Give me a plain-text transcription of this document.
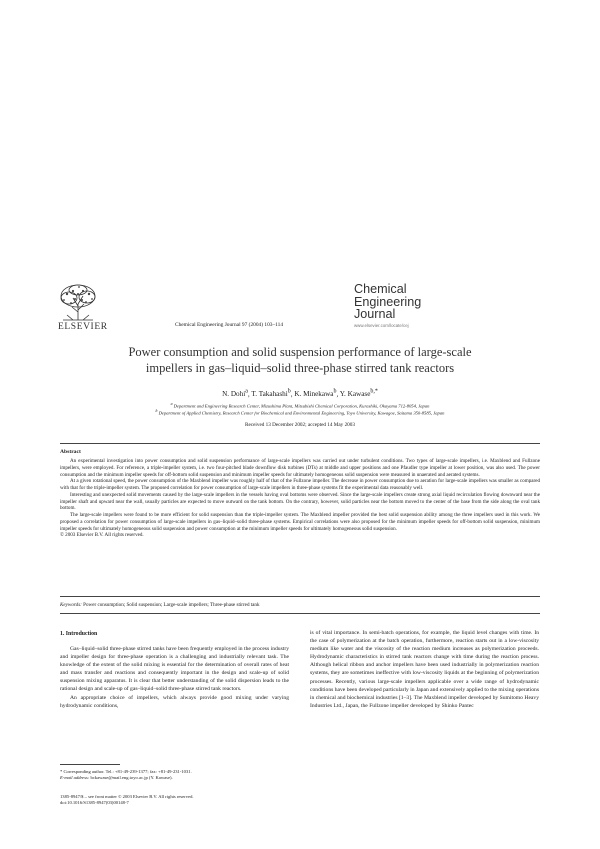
ELSEVIER	Chemical Engineering Journal 97 (2004) 103–114
Chemical
Engineering
Journal
www.elsevier.com/locate/cej
Power consumption and solid suspension performance of large-scale
impellers in gas–liquid–solid three-phase stirred tank reactors
N. Dohi$^a$, T. Takahashi$^b$, K. Minekawa$^b$, Y. Kawase$^{b,*}$
$^a$ Department and Engineering Research Center, Mizushima Plant, Mitsubishi Chemical Corporation, Kurashiki, Okayama 712-8054, Japan
$^b$ Department of Applied Chemistry, Research Center for Biochemical and Environmental Engineering, Toyo University, Kawagoe, Saitama 350-8585, Japan
Received 13 December 2002; accepted 14 May 2003
Abstract

An experimental investigation into power consumption and solid suspension performance of large-scale impellers was carried out under turbulent conditions. Two types of large-scale impellers, i.e. Maxblend and Fullzone impellers, were employed. For reference, a triple-impeller system, i.e. two four-pitched blade downflow disk turbines (DTs) at middle and upper positions and one Pfaudler type impeller at lower position, was also used. The power consumption and the minimum impeller speeds for off-bottom solid suspension and minimum impeller speeds for ultimately homogeneous solid suspension were measured in unaerated and aerated systems.

At a given rotational speed, the power consumption of the Maxblend impeller was roughly half of that of the Fullzone impeller. The decrease in power consumption due to aeration for large-scale impellers was smaller as compared with that for the triple-impeller system. The proposed correlation for power consumption of large-scale impellers in three-phase systems fit the experimental data reasonably well.

Interesting and unexpected solid movements caused by the large-scale impellers in the vessels having oval bottoms were observed. Since the large-scale impellers create strong axial liquid recirculation flowing downward near the impeller shaft and upward near the wall, usually particles are expected to move outward on the tank bottom. On the contrary, however, solid particles near the bottom moved to the center of the base from the side along the oval tank bottom.

The large-scale impellers were found to be more efficient for solid suspension than the triple-impeller system. The Maxblend impeller provided the best solid suspension ability among the three impellers used in this work. We proposed a correlation for power consumption of large-scale impellers in gas–liquid–solid three-phase systems. Empirical correlations were also proposed for the minimum impeller speeds for off-bottom solid suspension, minimum impeller speeds for ultimately homogeneous solid suspension and power consumption at the minimum impeller speeds for ultimately homogeneous solid suspension.

© 2003 Elsevier B.V. All rights reserved.

Keywords: Power consumption; Solid suspension; Large-scale impellers; Three-phase stirred tank
1. Introduction

Gas–liquid–solid three-phase stirred tanks have been frequently employed in the process industry and impeller design for three-phase operation is a challenging and industrially relevant task. The knowledge of the extent of the solid mixing is essential for the determination of overall rates of heat and mass transfer and reactions and consequently important in the design and scale-up of solid suspension mixing apparatus. It is clear that better understanding of the solid dispersion leads to the rational design and scale-up of gas–liquid–solid three-phase stirred tank reactors.

An appropriate choice of impellers, which always provide good mixing under varying hydrodynamic conditions,

is of vital importance. In semi-batch operations, for example, the liquid level changes with time. In the case of polymerization at the batch operation, furthermore, reaction starts out in a low-viscosity medium like water and the viscosity of the reaction medium increases as polymerization proceeds. Hydrodynamic characteristics in stirred tank reactors change with time during the reaction process. Although helical ribbon and anchor impellers have been used industrially in polymerization reaction systems, they are sometimes ineffective with low-viscosity liquids at the beginning of polymerization processes. Recently, various large-scale impellers applicable over a wide range of hydrodynamic conditions have been developed particularly in Japan and extensively applied to the mixing operations in chemical and biochemical industries [1–3]. The Maxblend impeller developed by Sumitomo Heavy Industries Ltd., Japan, the Fullzone impeller developed by Shinko Pantec

* Corresponding author. Tel.: +81-49-239-1377; fax: +81-49-231-1031.
E-mail address: bckawase@mail.eng.toyo.ac.jp (Y. Kawase).
1385-8947/$ – see front matter © 2003 Elsevier B.V. All rights reserved.
doi:10.1016/S1385-8947(03)00148-7
